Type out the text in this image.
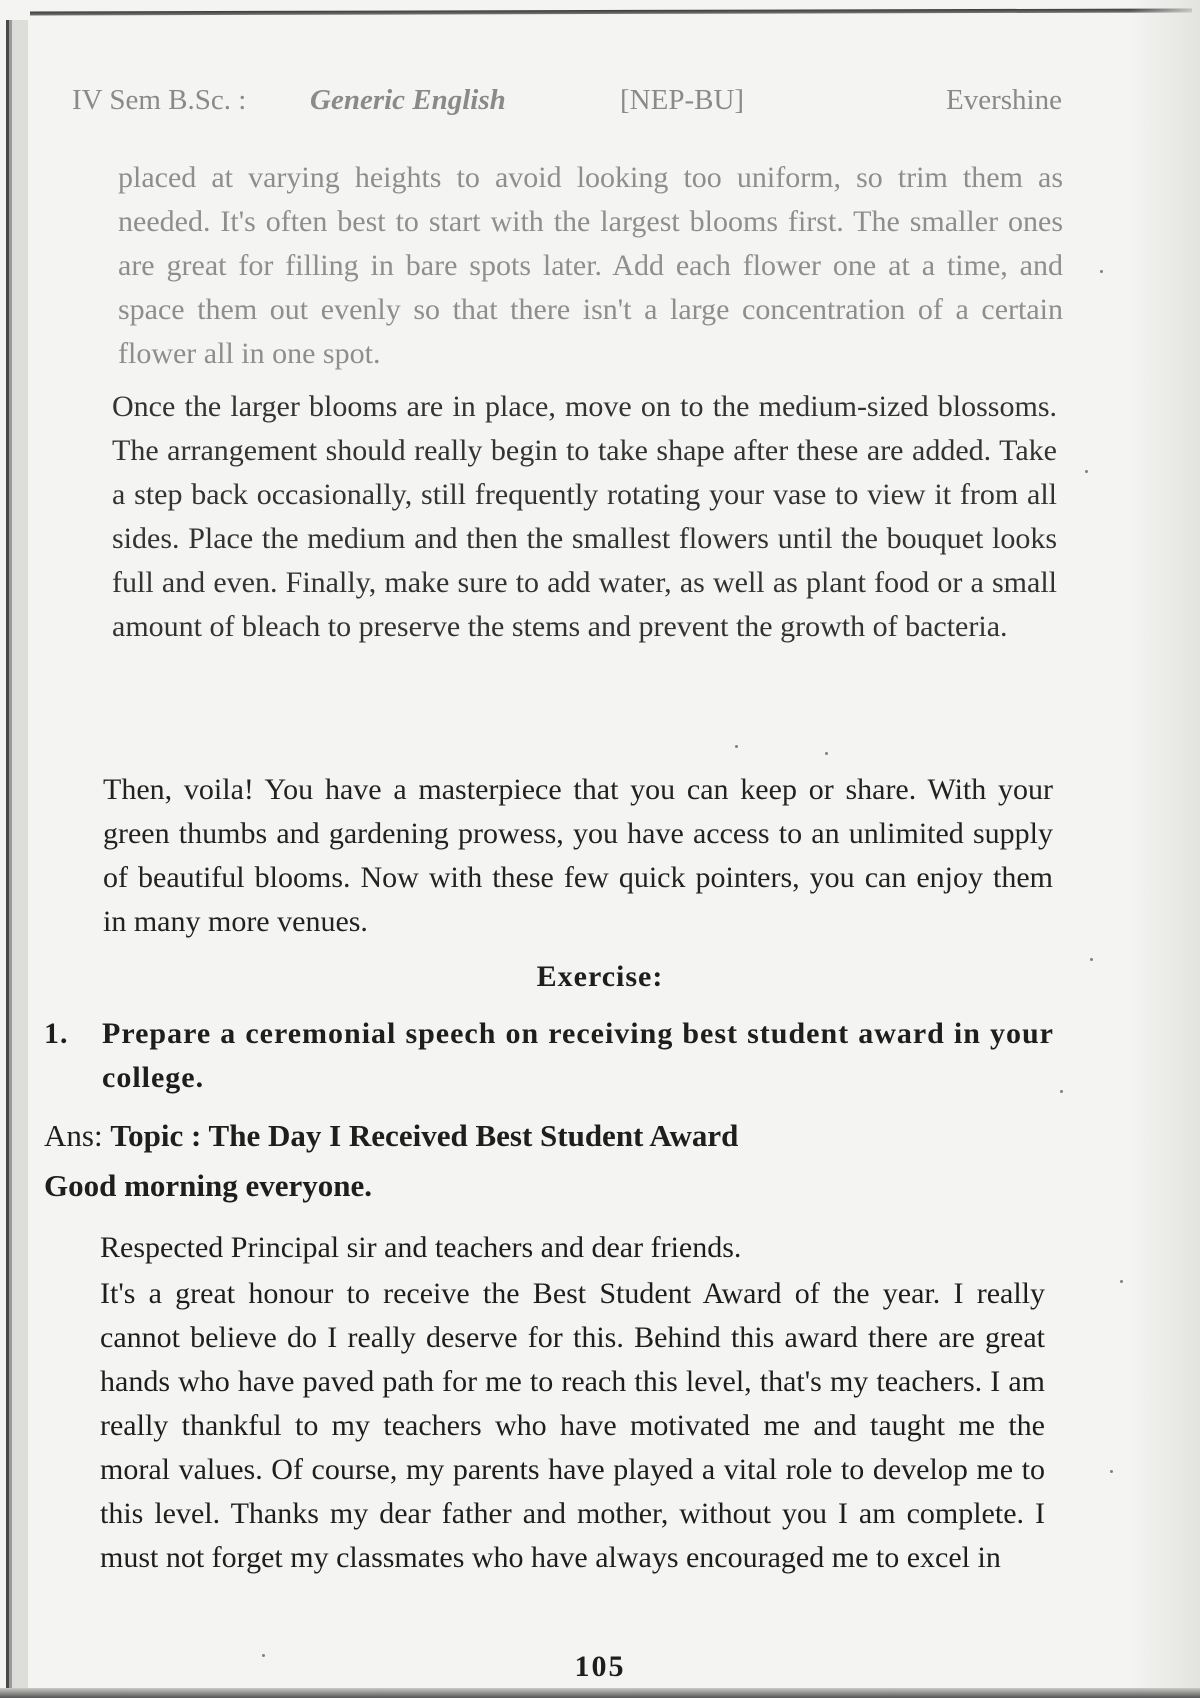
IV Sem B.Sc. : Generic English	[NEP-BU]	Evershine

placed at varying heights to avoid looking too uniform, so trim them as needed. It's often best to start with the largest blooms first. The smaller ones are great for filling in bare spots later. Add each flower one at a time, and space them out evenly so that there isn't a large concentration of a certain flower all in one spot.

Once the larger blooms are in place, move on to the medium-sized blossoms. The arrangement should really begin to take shape after these are added. Take a step back occasionally, still frequently rotating your vase to view it from all sides. Place the medium and then the smallest flowers until the bouquet looks full and even. Finally, make sure to add water, as well as plant food or a small amount of bleach to preserve the stems and prevent the growth of bacteria.

Then, voila! You have a masterpiece that you can keep or share. With your green thumbs and gardening prowess, you have access to an unlimited supply of beautiful blooms. Now with these few quick pointers, you can enjoy them in many more venues.

Exercise:
1. Prepare a ceremonial speech on receiving best student award in your college.
Ans: Topic : The Day I Received Best Student Award
Good morning everyone.

Respected Principal sir and teachers and dear friends.

It's a great honour to receive the Best Student Award of the year. I really cannot believe do I really deserve for this. Behind this award there are great hands who have paved path for me to reach this level, that's my teachers. I am really thankful to my teachers who have motivated me and taught me the moral values. Of course, my parents have played a vital role to develop me to this level. Thanks my dear father and mother, without you I am complete. I must not forget my classmates who have always encouraged me to excel in

105
